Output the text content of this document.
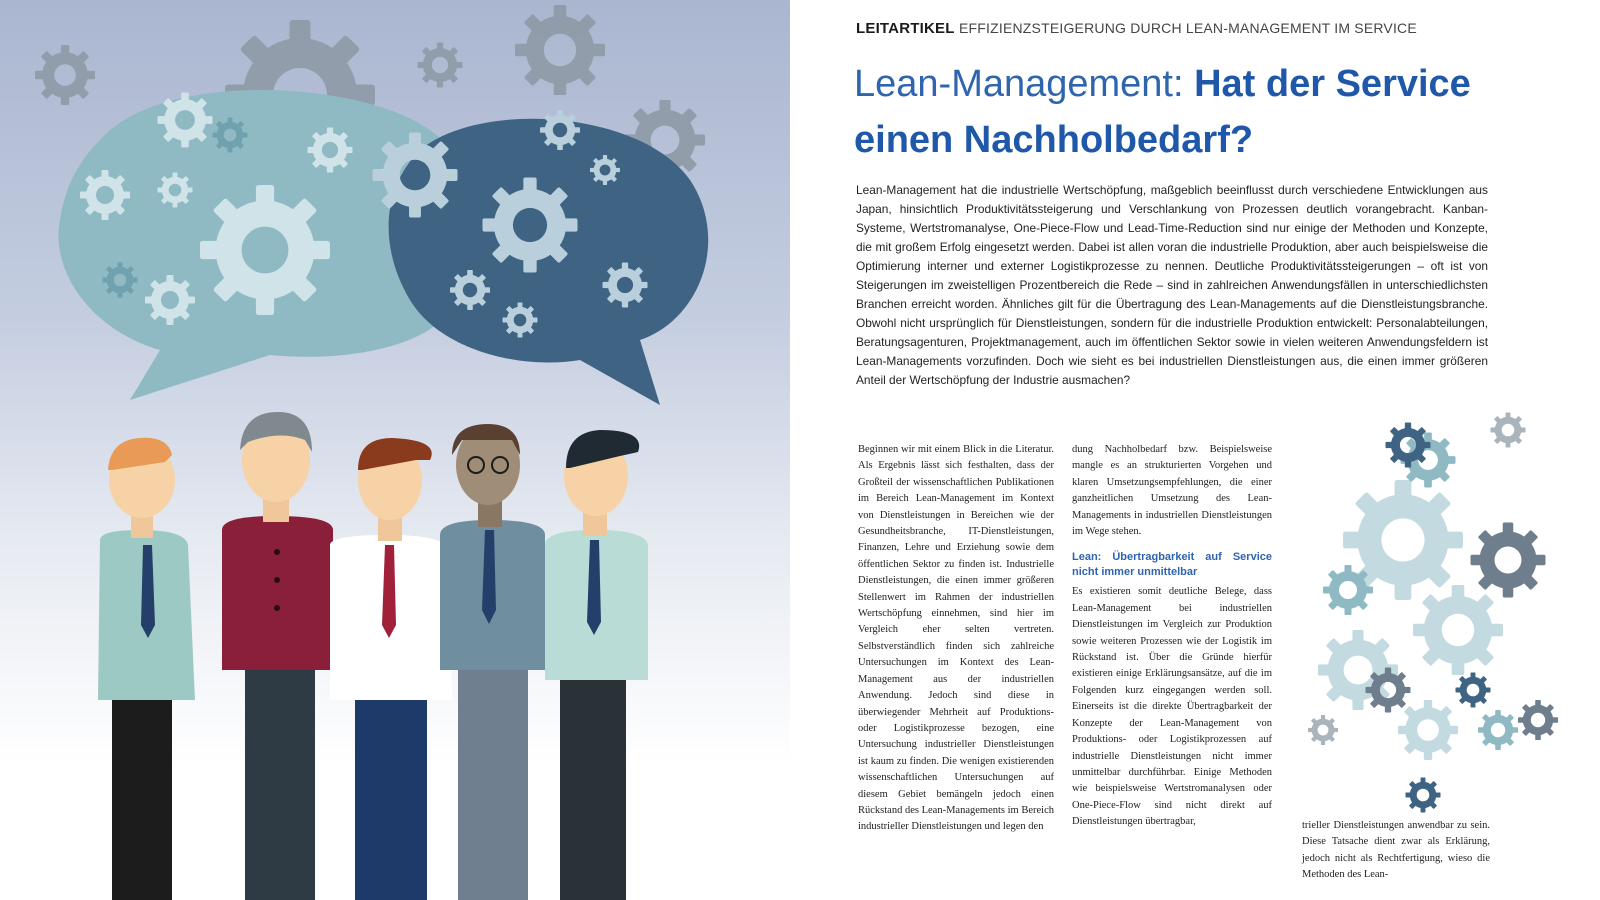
LEITARTIKEL EFFIZIENZSTEIGERUNG DURCH LEAN-MANAGEMENT IM SERVICE
Lean-Management: Hat der Service einen Nachholbedarf?

Lean-Management hat die industrielle Wertschöpfung, maßgeblich beeinflusst durch verschiedene Entwicklungen aus Japan, hinsichtlich Produktivitätssteigerung und Verschlankung von Prozessen deutlich vorangebracht. Kanban-Systeme, Wertstromanalyse, One-Piece-Flow und Lead-Time-Reduction sind nur einige der Methoden und Konzepte, die mit großem Erfolg eingesetzt werden. Dabei ist allen voran die industrielle Produktion, aber auch beispielsweise die Optimierung interner und externer Logistikprozesse zu nennen. Deutliche Produktivitätssteigerungen – oft ist von Steigerungen im zweistelligen Prozentbereich die Rede – sind in zahlreichen Anwendungsfällen in unterschiedlichsten Branchen erreicht worden. Ähnliches gilt für die Übertragung des Lean-Managements auf die Dienstleistungsbranche. Obwohl nicht ursprünglich für Dienstleistungen, sondern für die industrielle Produktion entwickelt: Personalabteilungen, Beratungsagenturen, Projektmanagement, auch im öffentlichen Sektor sowie in vielen weiteren Anwendungsfeldern ist Lean-Managements vorzufinden. Doch wie sieht es bei industriellen Dienstleistungen aus, die einen immer größeren Anteil der Wertschöpfung der Industrie ausmachen?

Beginnen wir mit einem Blick in die Literatur. Als Ergebnis lässt sich festhalten, dass der Großteil der wissenschaftlichen Publikationen im Bereich Lean-Management im Kontext von Dienstleistungen in Bereichen wie der Gesundheitsbranche, IT-Dienstleistungen, Finanzen, Lehre und Erziehung sowie dem öffentlichen Sektor zu finden ist. Industrielle Dienstleistungen, die einen immer größeren Stellenwert im Rahmen der industriellen Wertschöpfung einnehmen, sind hier im Vergleich eher selten vertreten. Selbstverständlich finden sich zahlreiche Untersuchungen im Kontext des Lean-Management aus der industriellen Anwendung. Jedoch sind diese in überwiegender Mehrheit auf Produktions- oder Logistikprozesse bezogen, eine Untersuchung industrieller Dienstleistungen ist kaum zu finden. Die wenigen existierenden wissenschaftlichen Untersuchungen auf diesem Gebiet bemängeln jedoch einen Rückstand des Lean-Managements im Bereich industrieller Dienstleistungen und legen den

dung Nachholbedarf bzw. Beispielsweise mangle es an strukturierten Vorgehen und klaren Umsetzungsempfehlungen, die einer ganzheitlichen Umsetzung des Lean-Managements in industriellen Dienstleistungen im Wege stehen.

Lean: Übertragbarkeit auf Service nicht immer unmittelbar

Es existieren somit deutliche Belege, dass Lean-Management bei industriellen Dienstleistungen im Vergleich zur Produktion sowie weiteren Prozessen wie der Logistik im Rückstand ist. Über die Gründe hierfür existieren einige Erklärungsansätze, auf die im Folgenden kurz eingegangen werden soll. Einerseits ist die direkte Übertragbarkeit der Konzepte der Lean-Management von Produktions- oder Logistikprozessen auf industrielle Dienstleistungen nicht immer unmittelbar durchführbar. Einige Methoden wie beispielsweise Wertstromanalysen oder One-Piece-Flow sind nicht direkt auf Dienstleistungen übertragbar,	trieller Dienstleistungen anwendbar zu sein. Diese Tatsache dient zwar als Erklärung, jedoch nicht als Rechtfertigung, wieso die Methoden des Lean-
